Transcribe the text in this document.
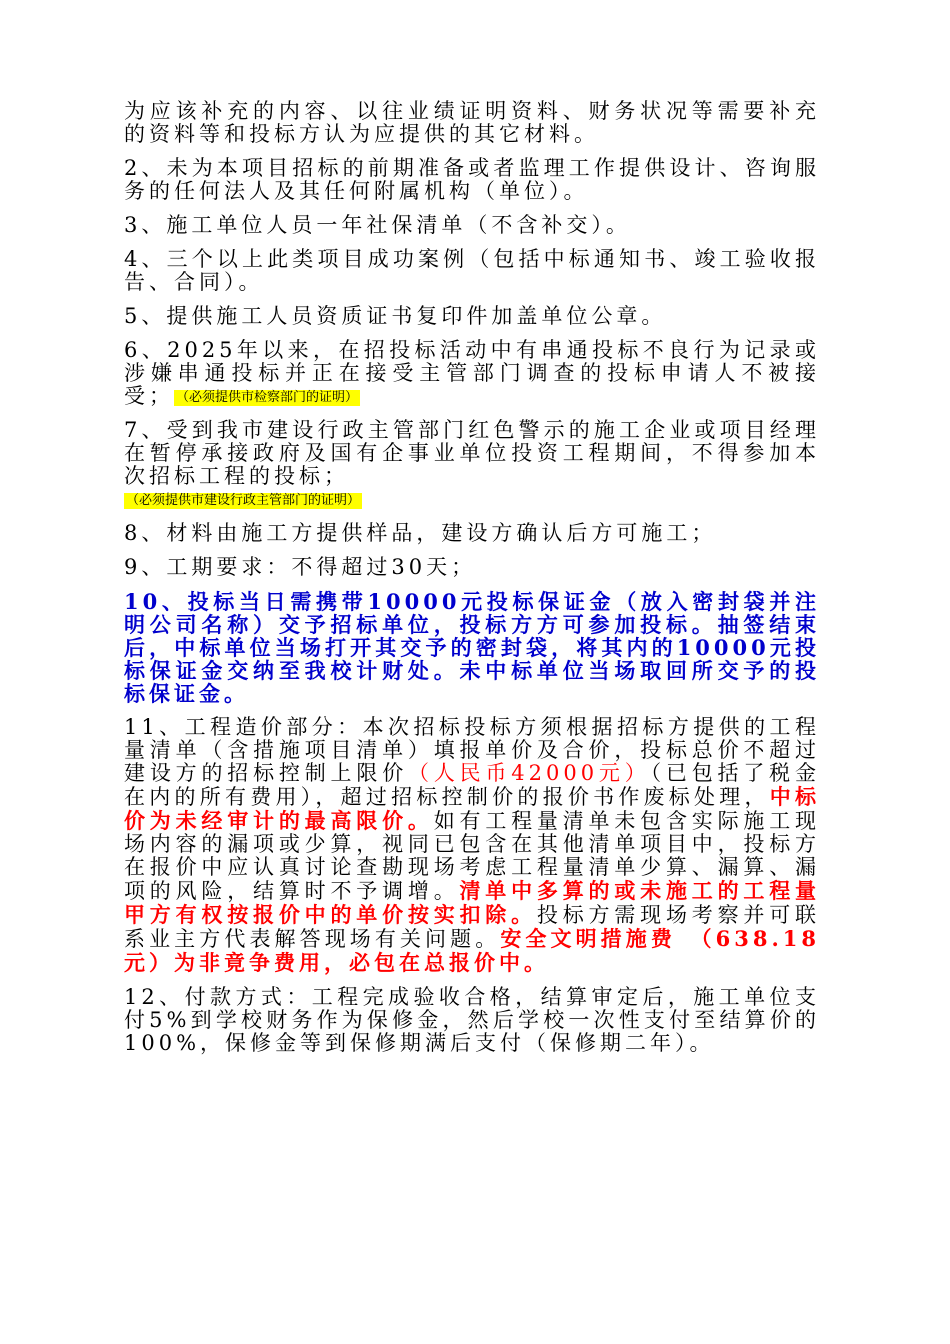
为应该补充的内容、以往业绩证明资料、财务状况等需要补充的资料等和投标方认为应提供的其它材料。

2、未为本项目招标的前期准备或者监理工作提供设计、咨询服务的任何法人及其任何附属机构（单位）。

3、施工单位人员一年社保清单（不含补交）。

4、三个以上此类项目成功案例（包括中标通知书、竣工验收报告、合同）。

5、提供施工人员资质证书复印件加盖单位公章。

6、2025年以来，在招投标活动中有串通投标不良行为记录或涉嫌串通投标并正在接受主管部门调查的投标申请人不被接受； （必须提供市检察部门的证明）

7、受到我市建设行政主管部门红色警示的施工企业或项目经理在暂停承接政府及国有企事业单位投资工程期间，不得参加本次招标工程的投标；
（必须提供市建设行政主管部门的证明）

8、材料由施工方提供样品，建设方确认后方可施工；

9、工期要求：不得超过30天；

10、投标当日需携带10000元投标保证金（放入密封袋并注明公司名称）交予招标单位，投标方方可参加投标。抽签结束后，中标单位当场打开其交予的密封袋，将其内的10000元投标保证金交纳至我校计财处。未中标单位当场取回所交予的投标保证金。

11、工程造价部分：本次招标投标方须根据招标方提供的工程量清单（含措施项目清单）填报单价及合价，投标总价不超过建设方的招标控制上限价（人民币42000元）（已包括了税金在内的所有费用），超过招标控制价的报价书作废标处理，中标价为未经审计的最高限价。如有工程量清单未包含实际施工现场内容的漏项或少算，视同已包含在其他清单项目中，投标方在报价中应认真讨论查勘现场考虑工程量清单少算、漏算、漏项的风险，结算时不予调增。清单中多算的或未施工的工程量甲方有权按报价中的单价按实扣除。投标方需现场考察并可联系业主方代表解答现场有关问题。安全文明措施费　（638.18元）为非竟争费用，必包在总报价中。

12、付款方式：工程完成验收合格，结算审定后，施工单位支付5%到学校财务作为保修金，然后学校一次性支付至结算价的100%，保修金等到保修期满后支付（保修期二年）。
